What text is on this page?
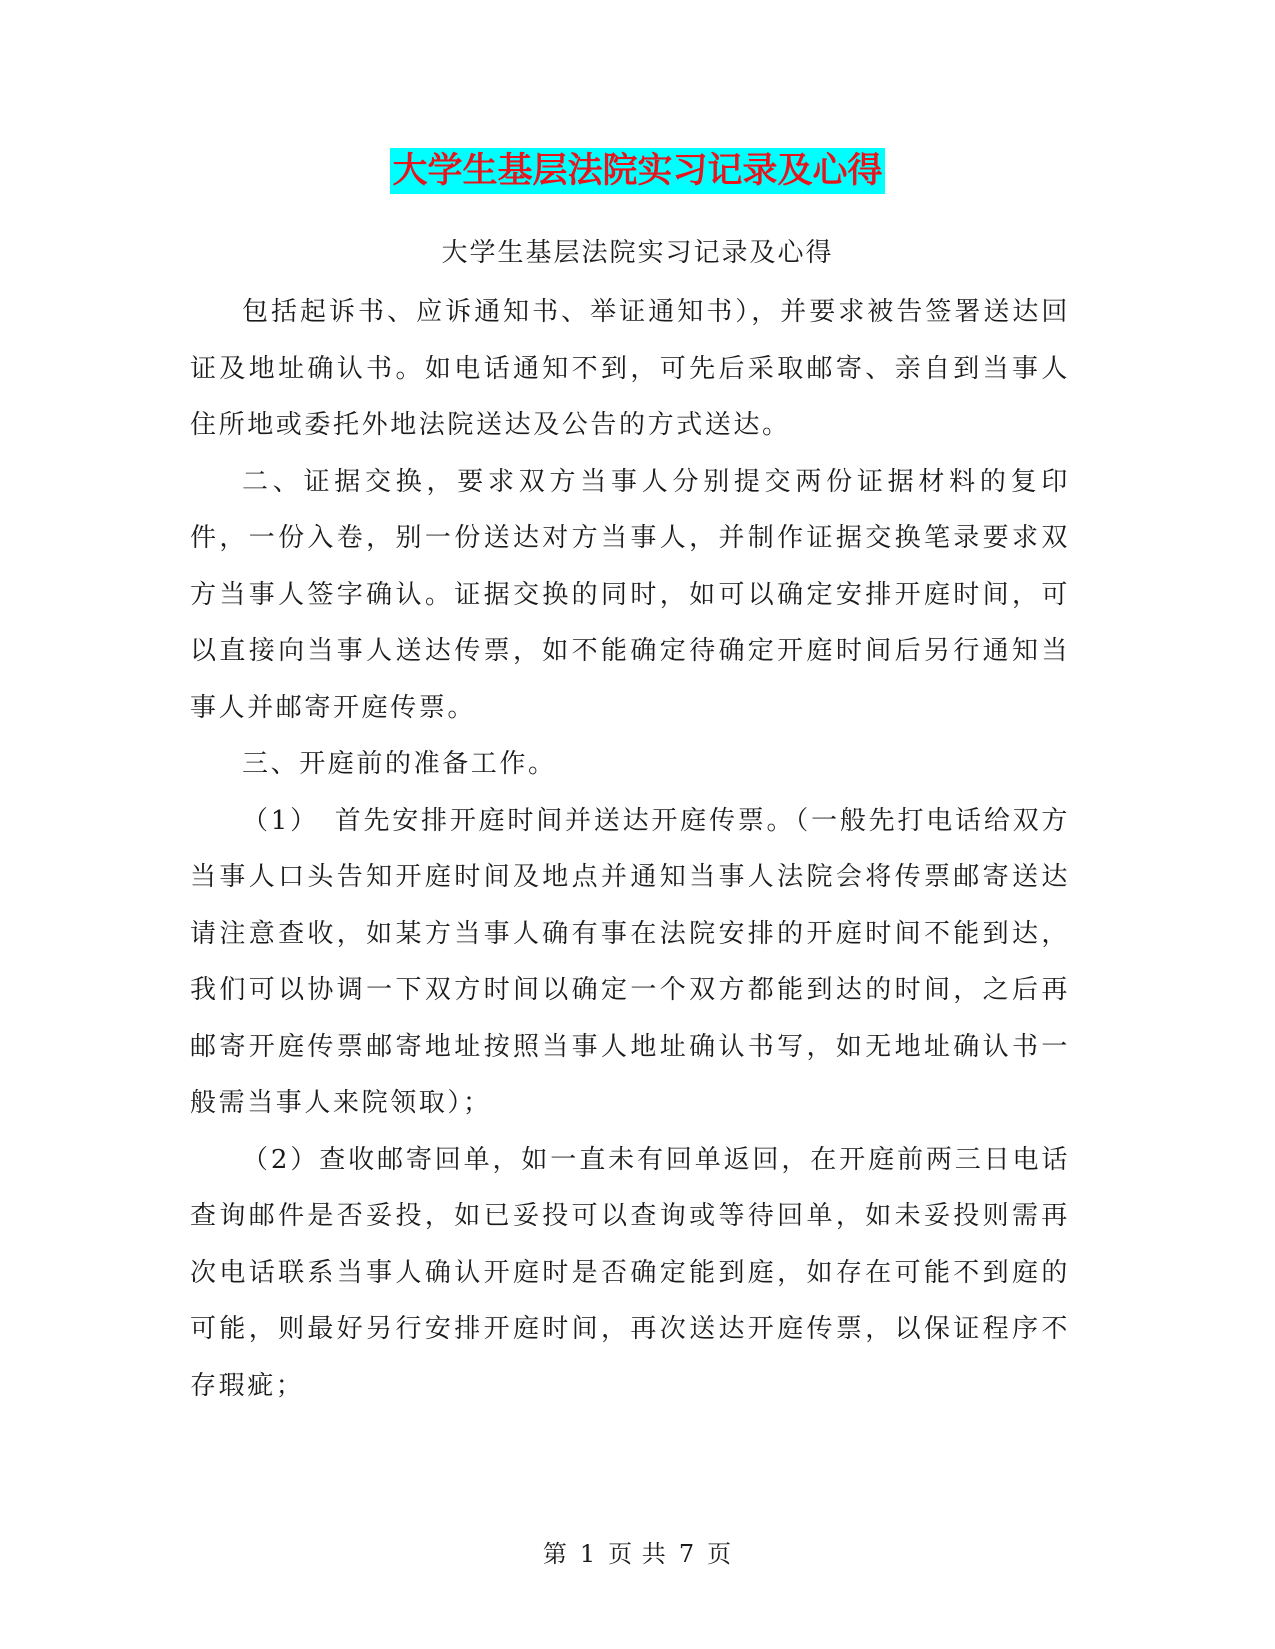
大学生基层法院实习记录及心得
大学生基层法院实习记录及心得

包括起诉书、应诉通知书、举证通知书），并要求被告签署送达回证及地址确认书。如电话通知不到，可先后采取邮寄、亲自到当事人住所地或委托外地法院送达及公告的方式送达。

二、证据交换，要求双方当事人分别提交两份证据材料的复印件，一份入卷，别一份送达对方当事人，并制作证据交换笔录要求双方当事人签字确认。证据交换的同时，如可以确定安排开庭时间，可以直接向当事人送达传票，如不能确定待确定开庭时间后另行通知当事人并邮寄开庭传票。

三、开庭前的准备工作。

（1）　首先安排开庭时间并送达开庭传票。（一般先打电话给双方当事人口头告知开庭时间及地点并通知当事人法院会将传票邮寄送达请注意查收，如某方当事人确有事在法院安排的开庭时间不能到达，我们可以协调一下双方时间以确定一个双方都能到达的时间，之后再邮寄开庭传票邮寄地址按照当事人地址确认书写，如无地址确认书一般需当事人来院领取）；

（2）查收邮寄回单，如一直未有回单返回，在开庭前两三日电话查询邮件是否妥投，如已妥投可以查询或等待回单，如未妥投则需再次电话联系当事人确认开庭时是否确定能到庭，如存在可能不到庭的可能，则最好另行安排开庭时间，再次送达开庭传票，以保证程序不存瑕疵；

第 1 页 共 7 页
